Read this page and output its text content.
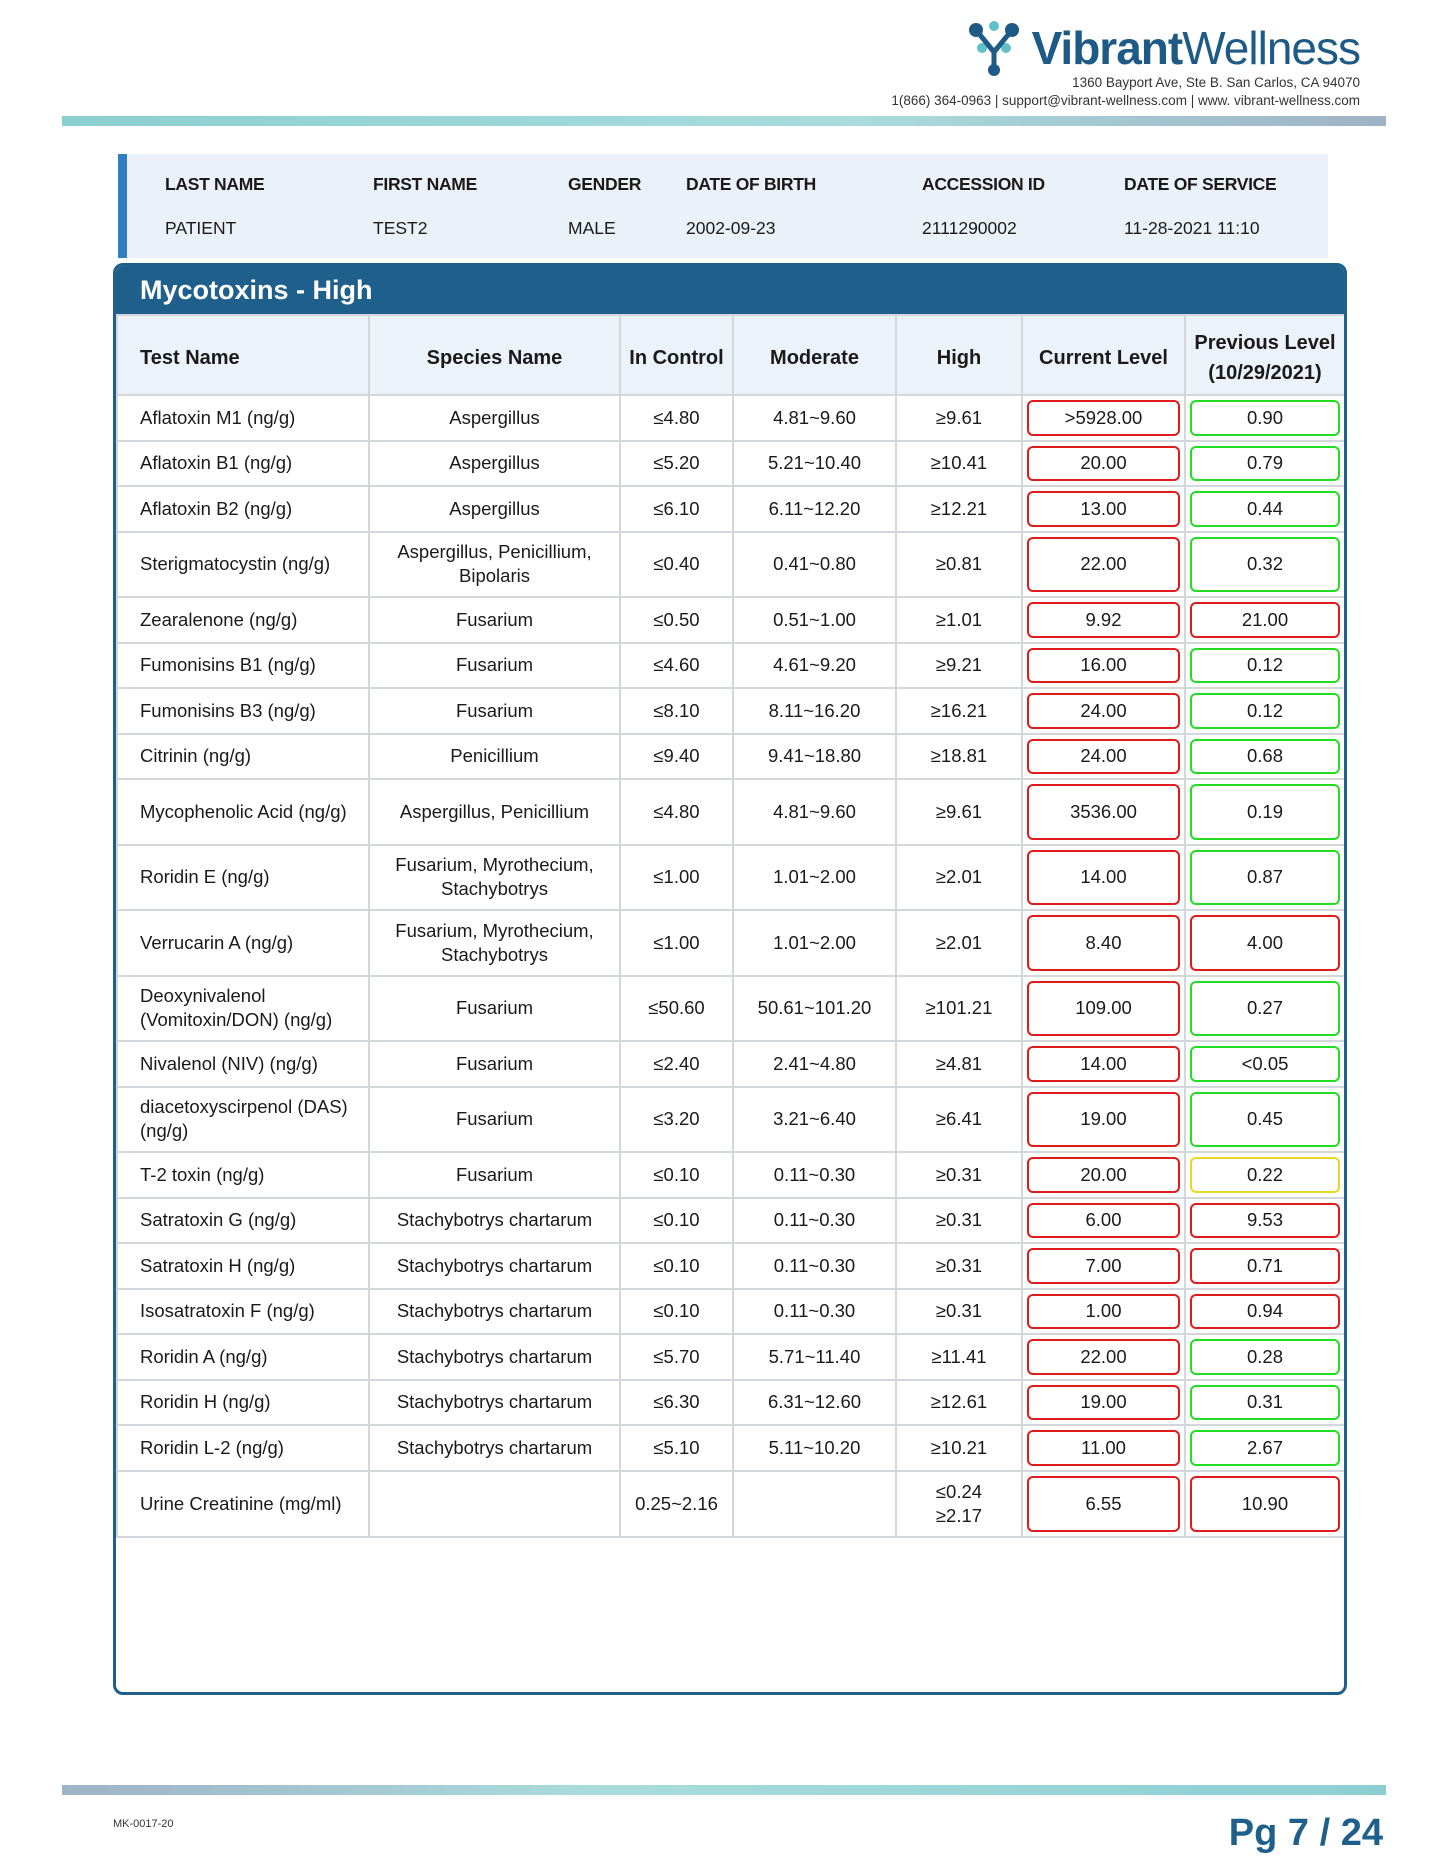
VibrantWellness
1360 Bayport Ave, Ste B. San Carlos, CA 94070
1(866) 364-0963 | support@vibrant-wellness.com | www. vibrant-wellness.com
LAST NAME
PATIENT
FIRST NAME
TEST2
GENDER
MALE
DATE OF BIRTH
2002-09-23
ACCESSION ID
2111290002
DATE OF SERVICE
11-28-2021 11:10
Mycotoxins - High
Test Name	Species Name	In Control	Moderate	High	Current Level	Previous Level (10/29/2021)
Aflatoxin M1 (ng/g)	Aspergillus	≤4.80	4.81~9.60	≥9.61	>5928.00	0.90

Aflatoxin B1 (ng/g)	Aspergillus	≤5.20	5.21~10.40	≥10.41	20.00	0.79

Aflatoxin B2 (ng/g)	Aspergillus	≤6.10	6.11~12.20	≥12.21	13.00	0.44

Sterigmatocystin (ng/g)	Aspergillus, Penicillium, Bipolaris	≤0.40	0.41~0.80	≥0.81	22.00	0.32

Zearalenone (ng/g)	Fusarium	≤0.50	0.51~1.00	≥1.01	9.92	21.00

Fumonisins B1 (ng/g)	Fusarium	≤4.60	4.61~9.20	≥9.21	16.00	0.12

Fumonisins B3 (ng/g)	Fusarium	≤8.10	8.11~16.20	≥16.21	24.00	0.12

Citrinin (ng/g)	Penicillium	≤9.40	9.41~18.80	≥18.81	24.00	0.68

Mycophenolic Acid (ng/g)	Aspergillus, Penicillium	≤4.80	4.81~9.60	≥9.61	3536.00	0.19

Roridin E (ng/g)	Fusarium, Myrothecium, Stachybotrys	≤1.00	1.01~2.00	≥2.01	14.00	0.87

Verrucarin A (ng/g)	Fusarium, Myrothecium, Stachybotrys	≤1.00	1.01~2.00	≥2.01	8.40	4.00

Deoxynivalenol (Vomitoxin/DON) (ng/g)	Fusarium	≤50.60	50.61~101.20	≥101.21	109.00	0.27

Nivalenol (NIV) (ng/g)	Fusarium	≤2.40	2.41~4.80	≥4.81	14.00	<0.05

diacetoxyscirpenol (DAS) (ng/g)	Fusarium	≤3.20	3.21~6.40	≥6.41	19.00	0.45

T-2 toxin (ng/g)	Fusarium	≤0.10	0.11~0.30	≥0.31	20.00	0.22

Satratoxin G (ng/g)	Stachybotrys chartarum	≤0.10	0.11~0.30	≥0.31	6.00	9.53

Satratoxin H (ng/g)	Stachybotrys chartarum	≤0.10	0.11~0.30	≥0.31	7.00	0.71

Isosatratoxin F (ng/g)	Stachybotrys chartarum	≤0.10	0.11~0.30	≥0.31	1.00	0.94

Roridin A (ng/g)	Stachybotrys chartarum	≤5.70	5.71~11.40	≥11.41	22.00	0.28

Roridin H (ng/g)	Stachybotrys chartarum	≤6.30	6.31~12.60	≥12.61	19.00	0.31

Roridin L-2 (ng/g)	Stachybotrys chartarum	≤5.10	5.11~10.20	≥10.21	11.00	2.67

Urine Creatinine (mg/ml)		0.25~2.16		≤0.24 ≥2.17	6.55	10.90
MK-0017-20	Pg 7 / 24
